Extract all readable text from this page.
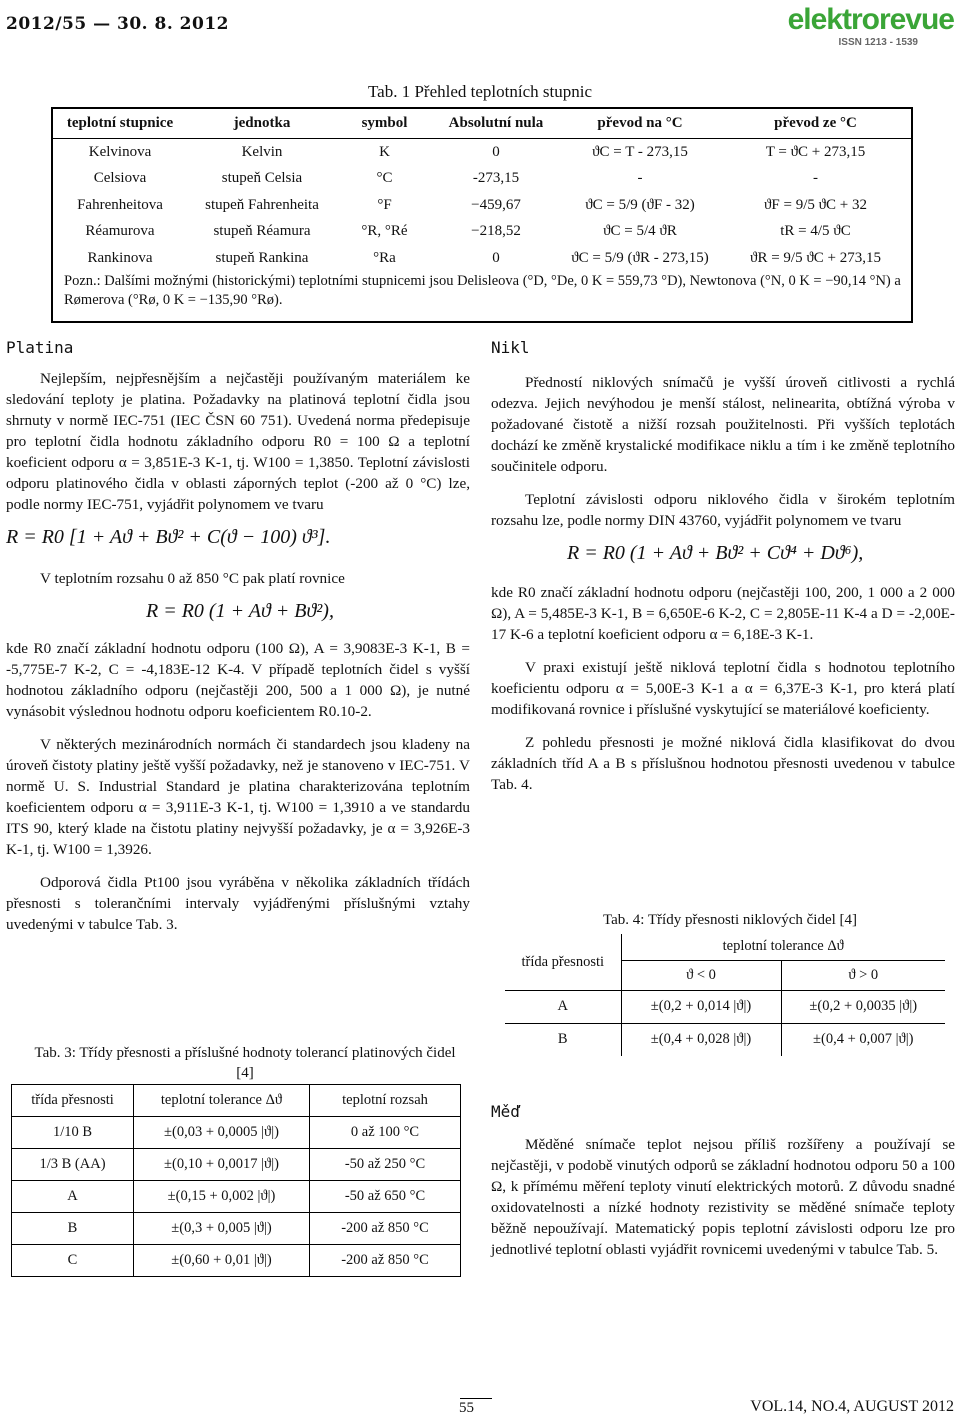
2012/55 — 30. 8. 2012	elektrorevue
ISSN 1213 - 1539
Tab. 1 Přehled teplotních stupnic
teplotní stupnice	jednotka	symbol	Absolutní nula	převod na °C	převod ze °C
Kelvinova	Kelvin	K	0	ϑC = T - 273,15	T = ϑC + 273,15
Celsiova	stupeň Celsia	°C	-273,15	-	-
Fahrenheitova	stupeň Fahrenheita	°F	−459,67	ϑC = 5/9 (ϑF - 32)	ϑF = 9/5 ϑC + 32
Réamurova	stupeň Réamura	°R, °Ré	−218,52	ϑC = 5/4 ϑR	tR = 4/5 ϑC
Rankinova	stupeň Rankina	°Ra	0	ϑC = 5/9 (ϑR - 273,15)	ϑR = 9/5 ϑC + 273,15
Pozn.: Dalšími možnými (historickými) teplotními stupnicemi jsou Delisleova (°D, °De, 0 K = 559,73 °D), Newtonova (°N, 0 K = −90,14 °N) a Rømerova (°Rø, 0 K = −135,90 °Rø).
Platina

Nejlepším, nejpřesnějším a nejčastěji používaným materiálem ke sledování teploty je platina. Požadavky na platinová teplotní čidla jsou shrnuty v normě IEC-751 (IEC ČSN 60 751). Uvedená norma předepisuje pro teplotní čidla hodnotu základního odporu R0 = 100 Ω a teplotní koeficient odporu α = 3,851E-3 K-1, tj. W100 = 1,3850. Teplotní závislosti odporu platinového čidla v oblasti záporných teplot (-200 až 0 °C) lze, podle normy IEC-751, vyjádřit polynomem ve tvaru

R = R0 [1 + Aϑ + Bϑ² + C(ϑ − 100) ϑ³].

V teplotním rozsahu 0 až 850 °C pak platí rovnice

R = R0 (1 + Aϑ + Bϑ²),

kde R0 značí základní hodnotu odporu (100 Ω), A = 3,9083E-3 K-1, B = -5,775E-7 K-2, C = -4,183E-12 K-4. V případě teplotních čidel s vyšší hodnotou základního odporu (nejčastěji 200, 500 a 1 000 Ω), je nutné vynásobit výslednou hodnotu odporu koeficientem R0.10-2.

V některých mezinárodních normách či standardech jsou kladeny na úroveň čistoty platiny ještě vyšší požadavky, než je stanoveno v IEC-751. V normě U. S. Industrial Standard je platina charakterizována teplotním koeficientem odporu α = 3,911E-3 K-1, tj. W100 = 1,3910 a ve standardu ITS 90, který klade na čistotu platiny nejvyšší požadavky, je α = 3,926E-3 K-1, tj. W100 = 1,3926.

Odporová čidla Pt100 jsou vyráběna v několika základních třídách přesnosti s tolerančními intervaly vyjádřenými příslušnými vztahy uvedenými v tabulce Tab. 3.

Tab. 3: Třídy přesnosti a příslušné hodnoty tolerancí platinových čidel [4]
třída přesnosti	teplotní tolerance Δϑ	teplotní rozsah
1/10 B	±(0,03 + 0,0005 |ϑ|)	0 až 100 °C
1/3 B (AA)	±(0,10 + 0,0017 |ϑ|)	-50 až 250 °C
A	±(0,15 + 0,002 |ϑ|)	-50 až 650 °C
B	±(0,3 + 0,005 |ϑ|)	-200 až 850 °C
C	±(0,60 + 0,01 |ϑ|)	-200 až 850 °C
Nikl

Předností niklových snímačů je vyšší úroveň citlivosti a rychlá odezva. Jejich nevýhodou je menší stálost, nelinearita, obtížná výroba v požadované čistotě a nižší rozsah použitelnosti. Při vyšších teplotách dochází ke změně krystalické modifikace niklu a tím i ke změně teplotního součinitele odporu.

Teplotní závislosti odporu niklového čidla v širokém teplotním rozsahu lze, podle normy DIN 43760, vyjádřit polynomem ve tvaru

R = R0 (1 + Aϑ + Bϑ² + Cϑ⁴ + Dϑ⁶),

kde R0 značí základní hodnotu odporu (nejčastěji 100, 200, 1 000 a 2 000 Ω), A = 5,485E-3 K-1, B = 6,650E-6 K-2, C = 2,805E-11 K-4 a D = -2,00E-17 K-6 a teplotní koeficient odporu α = 6,18E-3 K-1.

V praxi existují ještě niklová teplotní čidla s hodnotou teplotního koeficientu odporu α = 5,00E-3 K-1 a α = 6,37E-3 K-1, pro která platí modifikovaná rovnice i příslušné vyskytující se materiálové koeficienty.

Z pohledu přesnosti je možné niklová čidla klasifikovat do dvou základních tříd A a B s příslušnou hodnotou přesnosti uvedenou v tabulce Tab. 4.

Tab. 4: Třídy přesnosti niklových čidel [4]
třída přesnosti	teplotní tolerance Δϑ	
	ϑ < 0	ϑ > 0
A	±(0,2 + 0,014 |ϑ|)	±(0,2 + 0,0035 |ϑ|)
B	±(0,4 + 0,028 |ϑ|)	±(0,4 + 0,007 |ϑ|)
Měď

Měděné snímače teplot nejsou příliš rozšířeny a používají se nejčastěji, v podobě vinutých odporů se základní hodnotou odporu 50 a 100 Ω, k přímému měření teploty vinutí elektrických motorů. Z důvodu snadné oxidovatelnosti a nízké hodnoty rezistivity se měděné snímače teploty běžně nepoužívají. Matematický popis teplotní závislosti odporu lze pro jednotlivé teplotní oblasti vyjádřit rovnicemi uvedenými v tabulce Tab. 5.

55	VOL.14, NO.4, AUGUST 2012
